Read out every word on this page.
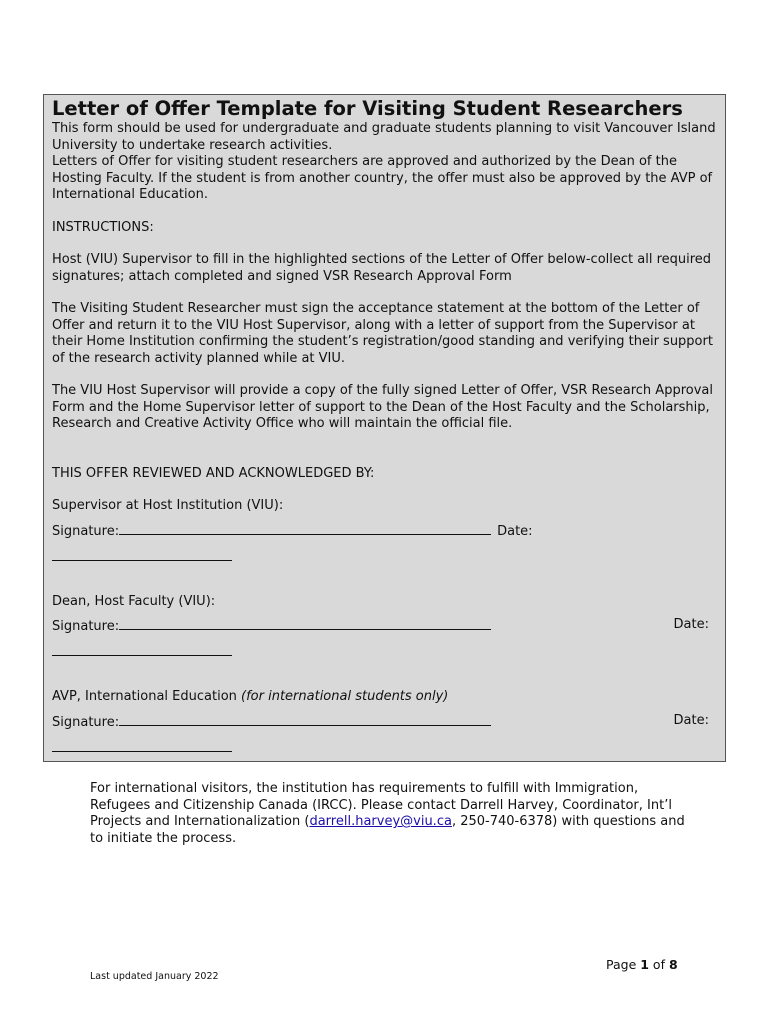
Letter of Offer Template for Visiting Student Researchers

This form should be used for undergraduate and graduate students planning to visit Vancouver Island University to undertake research activities.

Letters of Offer for visiting student researchers are approved and authorized by the Dean of the Hosting Faculty. If the student is from another country, the offer must also be approved by the AVP of International Education.

INSTRUCTIONS:

Host (VIU) Supervisor to fill in the highlighted sections of the Letter of Offer below-collect all required signatures; attach completed and signed VSR Research Approval Form

The Visiting Student Researcher must sign the acceptance statement at the bottom of the Letter of Offer and return it to the VIU Host Supervisor, along with a letter of support from the Supervisor at their Home Institution confirming the student’s registration/good standing and verifying their support of the research activity planned while at VIU.

The VIU Host Supervisor will provide a copy of the fully signed Letter of Offer, VSR Research Approval Form and the Home Supervisor letter of support to the Dean of the Host Faculty and the Scholarship, Research and Creative Activity Office who will maintain the official file.

THIS OFFER REVIEWED AND ACKNOWLEDGED BY:

Supervisor at Host Institution (VIU):

Signature:	Date:

Dean, Host Faculty (VIU):

Signature:	Date:

AVP, International Education (for international students only)

Signature:	Date:
For international visitors, the institution has requirements to fulfill with Immigration, Refugees and Citizenship Canada (IRCC). Please contact Darrell Harvey, Coordinator, Int’l Projects and Internationalization (darrell.harvey@viu.ca, 250-740-6378) with questions and to initiate the process.
Page 1 of 8
Last updated January 2022
